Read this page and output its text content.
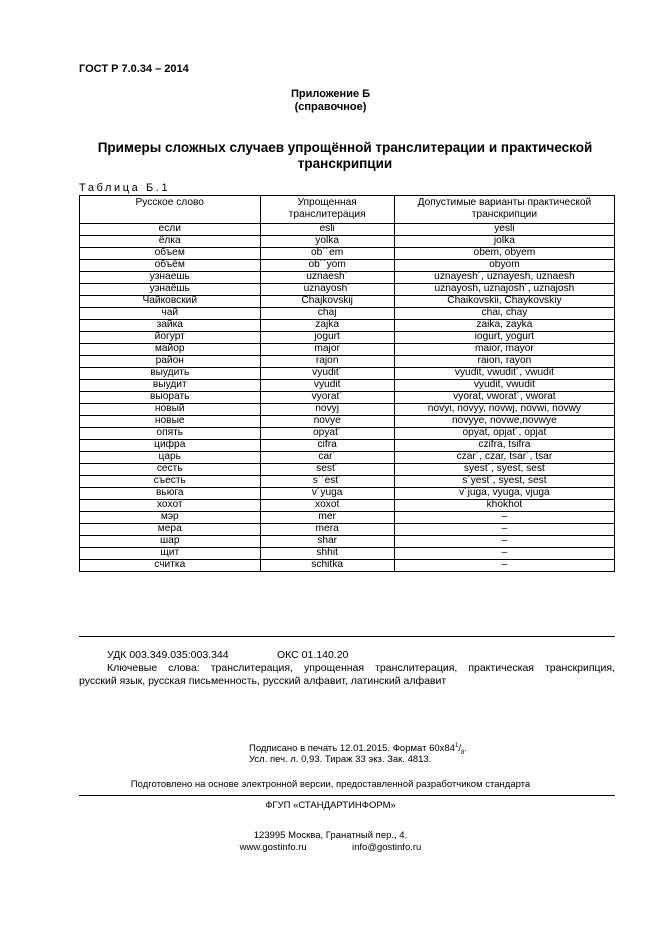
ГОСТ Р 7.0.34 – 2014
Приложение Б
(справочное)
Примеры сложных случаев упрощённой транслитерации и практической
транскрипции
Таблица Б.1
Русское слово	Упрощенная транслитерация	Допустимые варианты практической транскрипции
если	esli	yesli
ёлка	yolka	jolka
объем	ob´´em	obem, obyem
объём	ob´´yom	obyom
узнаешь	uznaesh´	uznayesh´, uznayesh, uznaesh
узнаёшь	uznayosh´	uznayosh, uznajosh´, uznajosh
Чайковский	Chajkovskij	Chaikovskii, Chaykovskiy
чай	chaj	chai, chay
зайка	zajka	zaika, zayka
йогурт	jogurt	iogurt, yogurt
майор	major	maior, mayor
район	rajon	raion, rayon
выудить	vyudit´	vyudit, vwudit´, vwudit
выудит	vyudit	vyudit, vwudit
выорать	vyorat´	vyorat, vworat´, vworat
новый	novyj	novyi, novyy, novwj, novwi, novwy
новые	novye	novyye, novwe,novwye
опять	opyat´	opyat, opjat´, opjat
цифра	cifra	czifra, tsifra
царь	car´	czar´, czar, tsar´, tsar
сесть	sest´	syest´, syest, sest
съесть	s´´est´	s´yest´, syest, sest
вьюга	v´yuga	v´juga, vyuga, vjuga
хохот	xoxot	khokhot
мэр	mer	–
мера	mera	–
шар	shar	–
щит	shhit	–
считка	schitka	–
УДК 003.349.035:003.344	ОКС 01.140.20
Ключевые слова: транслитерация, упрощенная транслитерация, практическая транскрипция,
русский язык, русская письменность, русский алфавит, латинский алфавит
Подписано в печать 12.01.2015. Формат $60x84^1/_8$.
Усл. печ. л. 0,93. Тираж 33 экз. Зак. 4813.
Подготовлено на основе электронной версии, предоставленной разработчиком стандарта
ФГУП «СТАНДАРТИНФОРМ»
123995 Москва, Гранатный пер., 4.
www.gostinfo.ru	info@gostinfo.ru
